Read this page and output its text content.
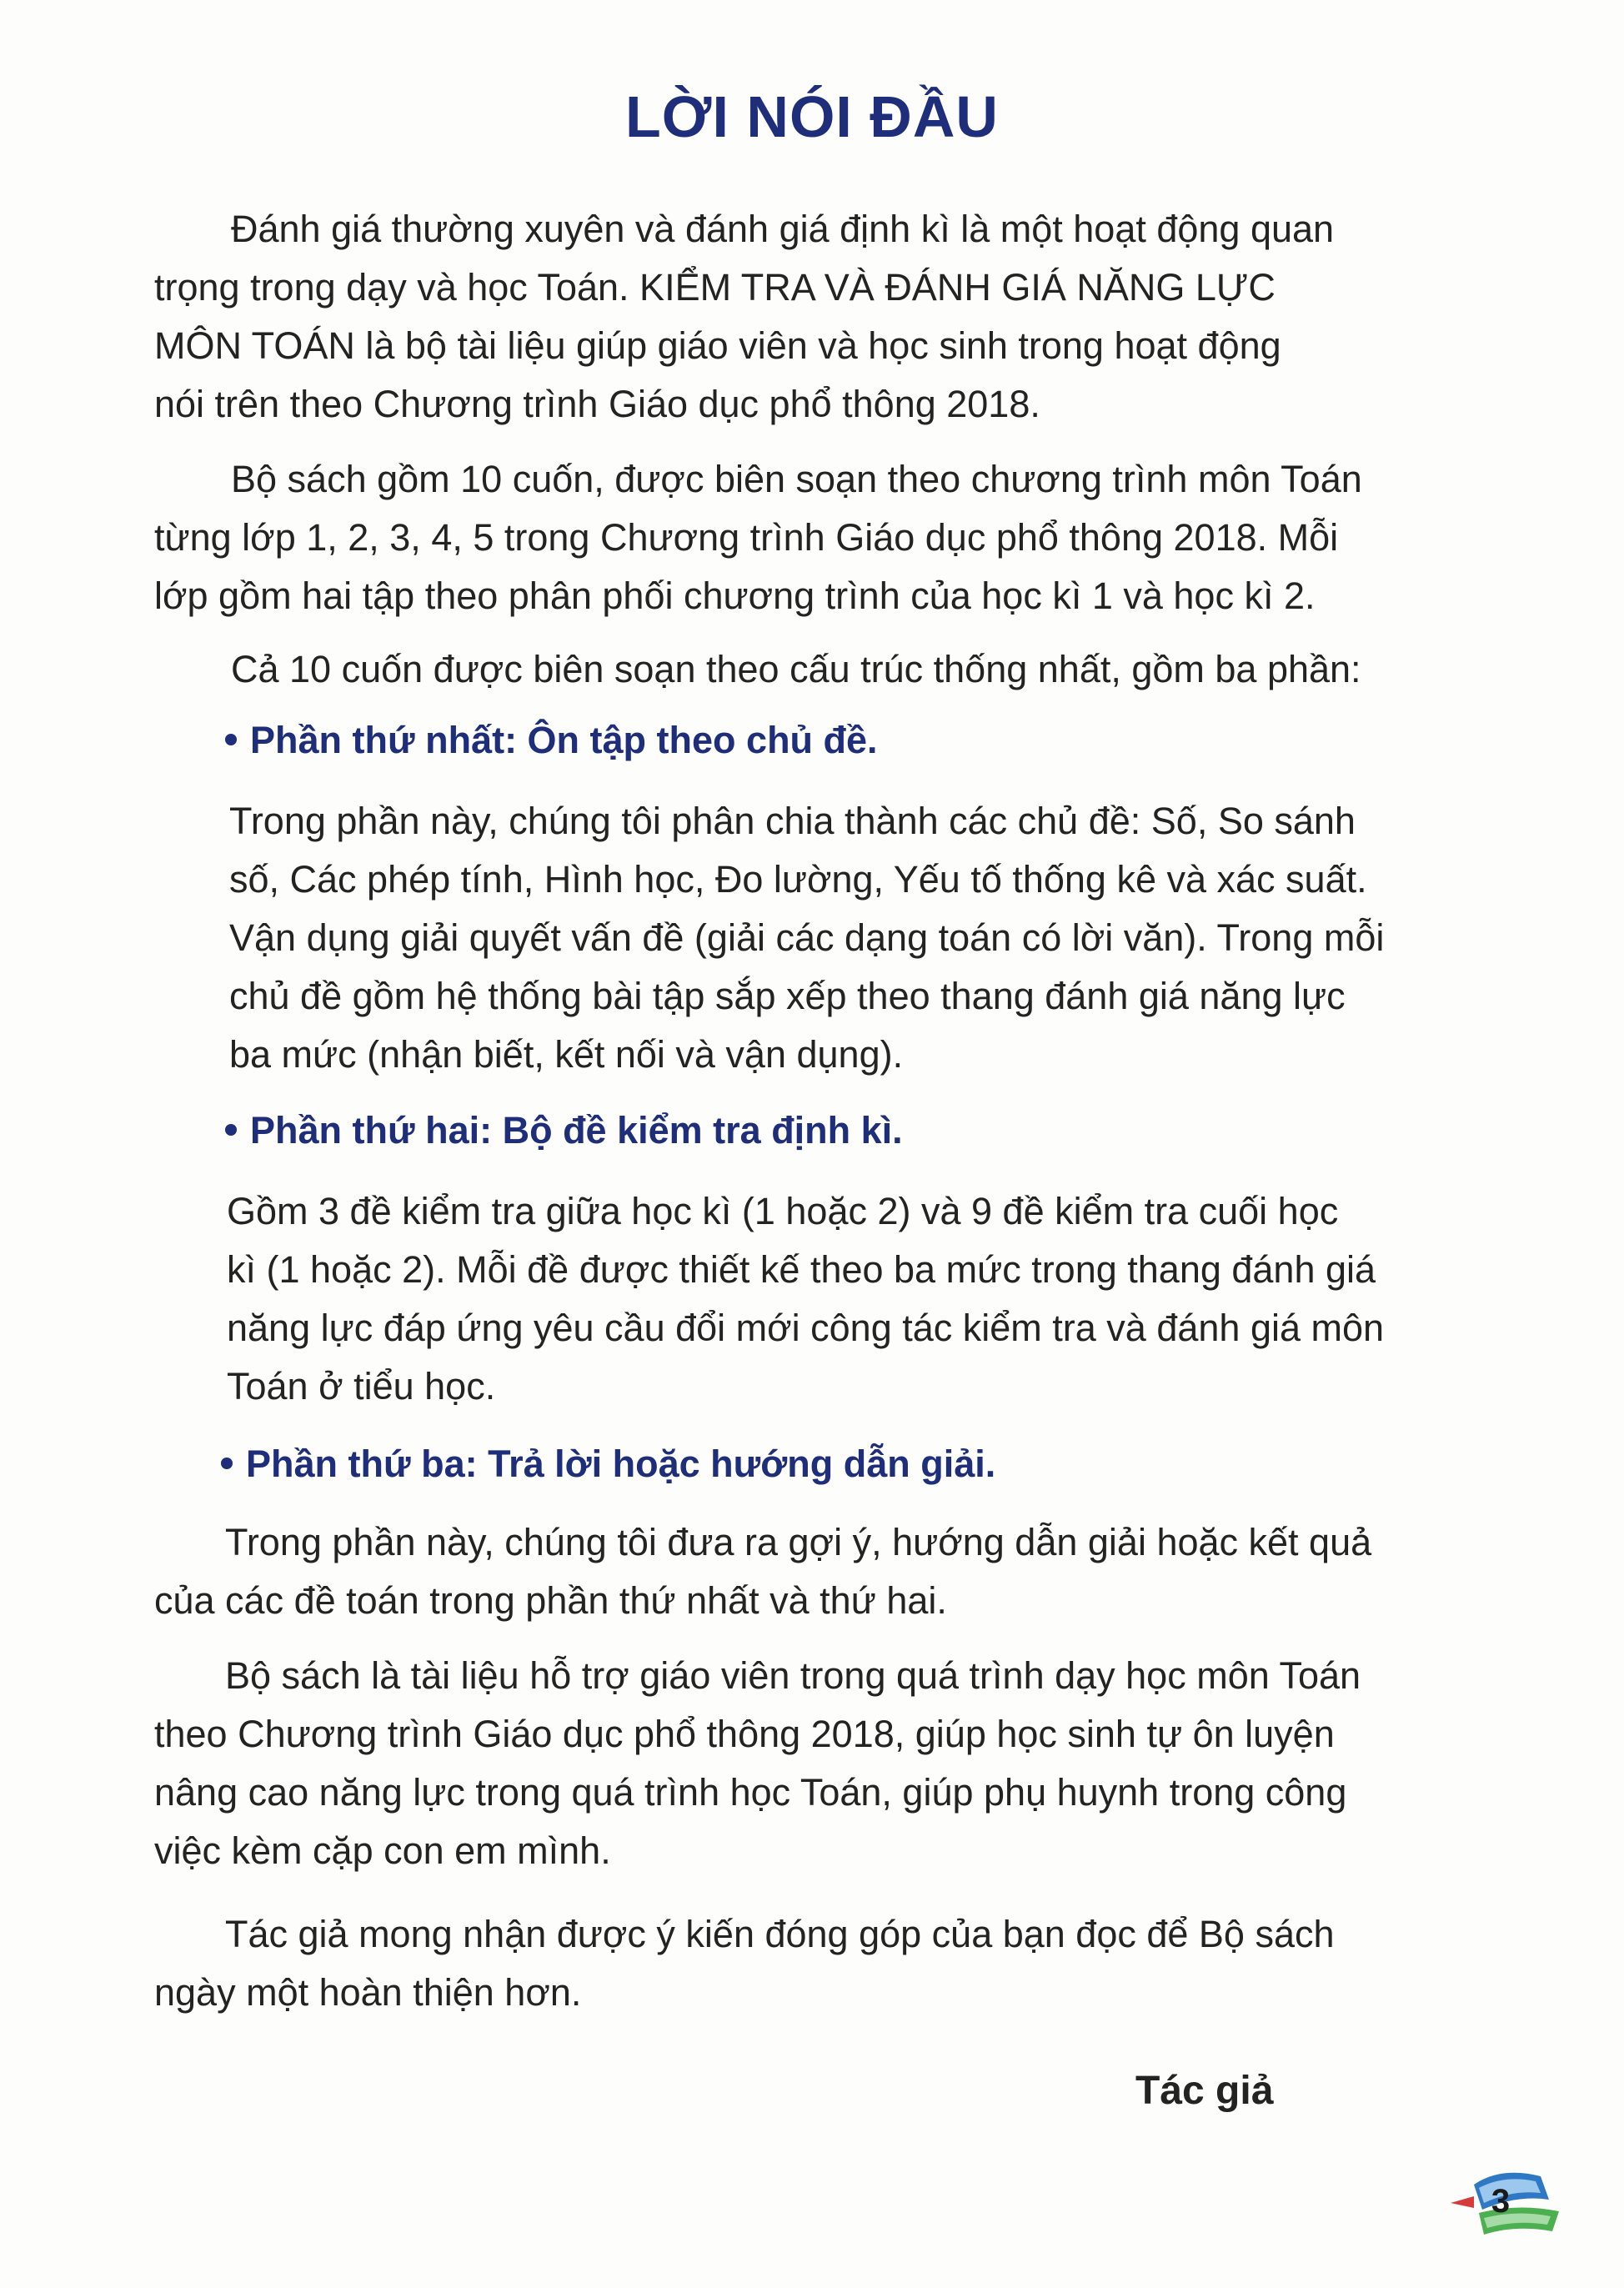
LỜI NÓI ĐẦU
Đánh giá thường xuyên và đánh giá định kì là một hoạt động quan
trọng trong dạy và học Toán. KIỂM TRA VÀ ĐÁNH GIÁ NĂNG LỰC
MÔN TOÁN là bộ tài liệu giúp giáo viên và học sinh trong hoạt động
nói trên theo Chương trình Giáo dục phổ thông 2018.
Bộ sách gồm 10 cuốn, được biên soạn theo chương trình môn Toán
từng lớp 1, 2, 3, 4, 5 trong Chương trình Giáo dục phổ thông 2018. Mỗi
lớp gồm hai tập theo phân phối chương trình của học kì 1 và học kì 2.
Cả 10 cuốn được biên soạn theo cấu trúc thống nhất, gồm ba phần:
Phần thứ nhất: Ôn tập theo chủ đề.
Trong phần này, chúng tôi phân chia thành các chủ đề: Số, So sánh
số, Các phép tính, Hình học, Đo lường, Yếu tố thống kê và xác suất.
Vận dụng giải quyết vấn đề (giải các dạng toán có lời văn). Trong mỗi
chủ đề gồm hệ thống bài tập sắp xếp theo thang đánh giá năng lực
ba mức (nhận biết, kết nối và vận dụng).
Phần thứ hai: Bộ đề kiểm tra định kì.
Gồm 3 đề kiểm tra giữa học kì (1 hoặc 2) và 9 đề kiểm tra cuối học
kì (1 hoặc 2). Mỗi đề được thiết kế theo ba mức trong thang đánh giá
năng lực đáp ứng yêu cầu đổi mới công tác kiểm tra và đánh giá môn
Toán ở tiểu học.
Phần thứ ba: Trả lời hoặc hướng dẫn giải.
Trong phần này, chúng tôi đưa ra gợi ý, hướng dẫn giải hoặc kết quả
của các đề toán trong phần thứ nhất và thứ hai.
Bộ sách là tài liệu hỗ trợ giáo viên trong quá trình dạy học môn Toán
theo Chương trình Giáo dục phổ thông 2018, giúp học sinh tự ôn luyện
nâng cao năng lực trong quá trình học Toán, giúp phụ huynh trong công
việc kèm cặp con em mình.
Tác giả mong nhận được ý kiến đóng góp của bạn đọc để Bộ sách
ngày một hoàn thiện hơn.
Tác giả
3
